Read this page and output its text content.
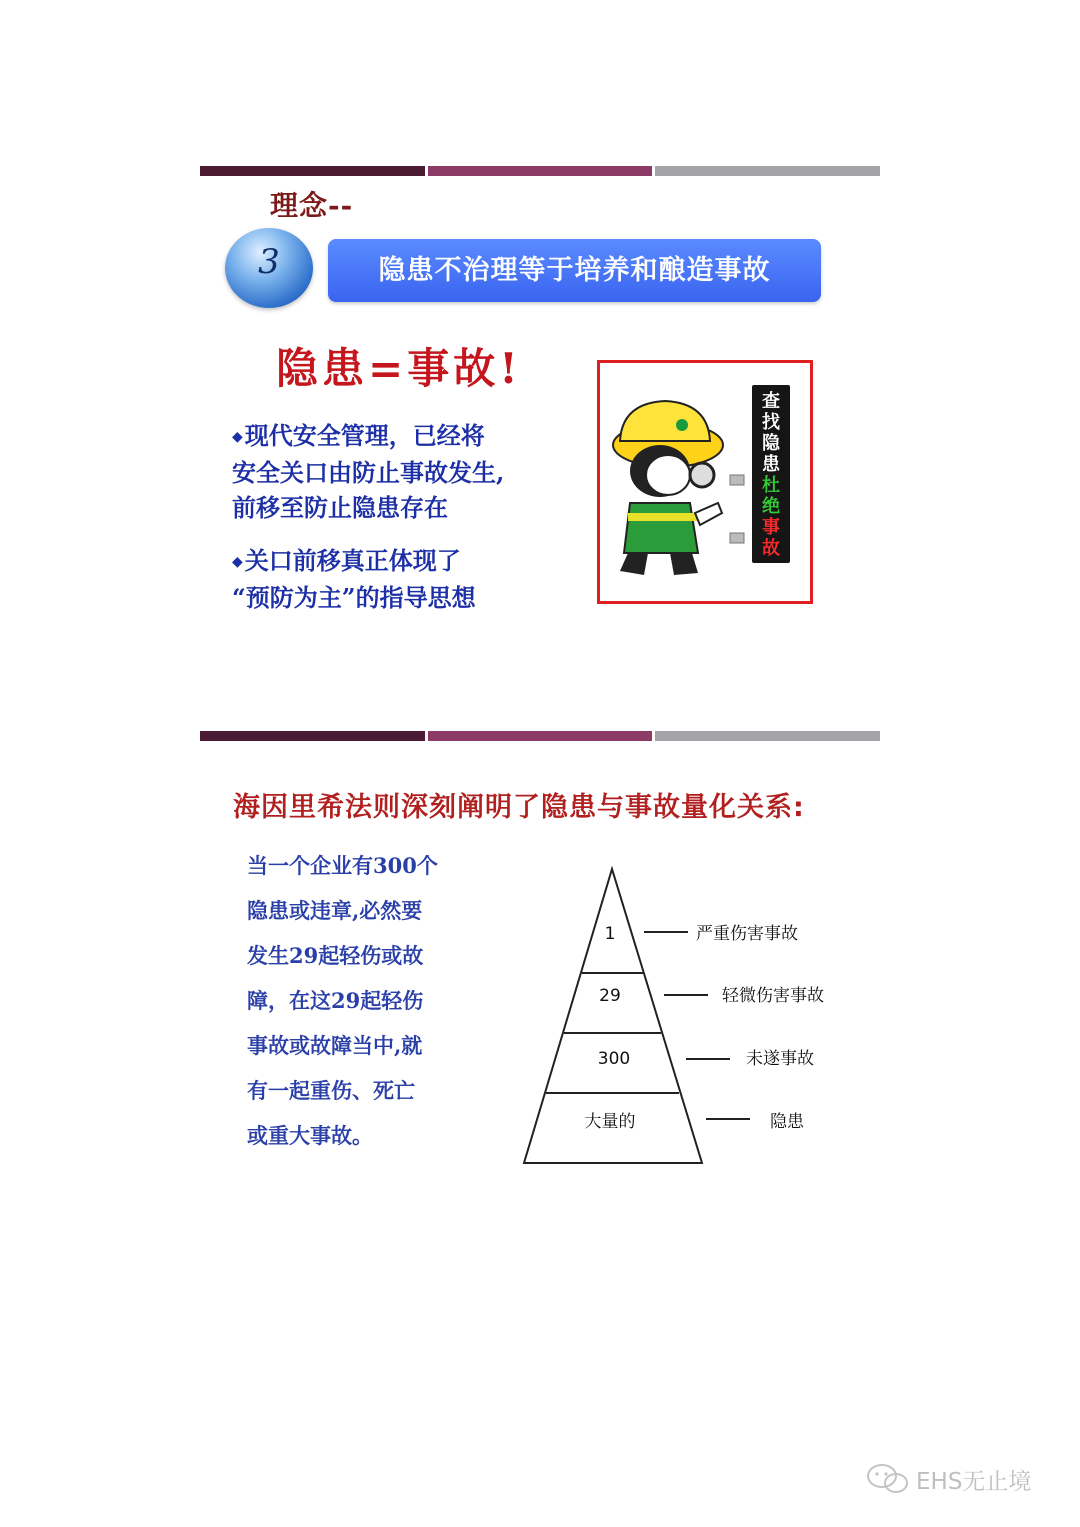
理念--
3	隐患不治理等于培养和酿造事故
隐患=事故!

◆现代安全管理，已经将
安全关口由防止事故发生,
前移至防止隐患存在

◆关口前移真正体现了
“预防为主”的指导思想

查
找
隐
患
杜
绝
事
故
海因里希法则深刻阐明了隐患与事故量化关系:
当一个企业有300个
隐患或违章,必然要
发生29起轻伤或故
障，在这29起轻伤
事故或故障当中,就
有一起重伤、死亡
或重大事故。
1
29
300
大量的
严重伤害事故
轻微伤害事故
未遂事故
隐患
EHS无止境
